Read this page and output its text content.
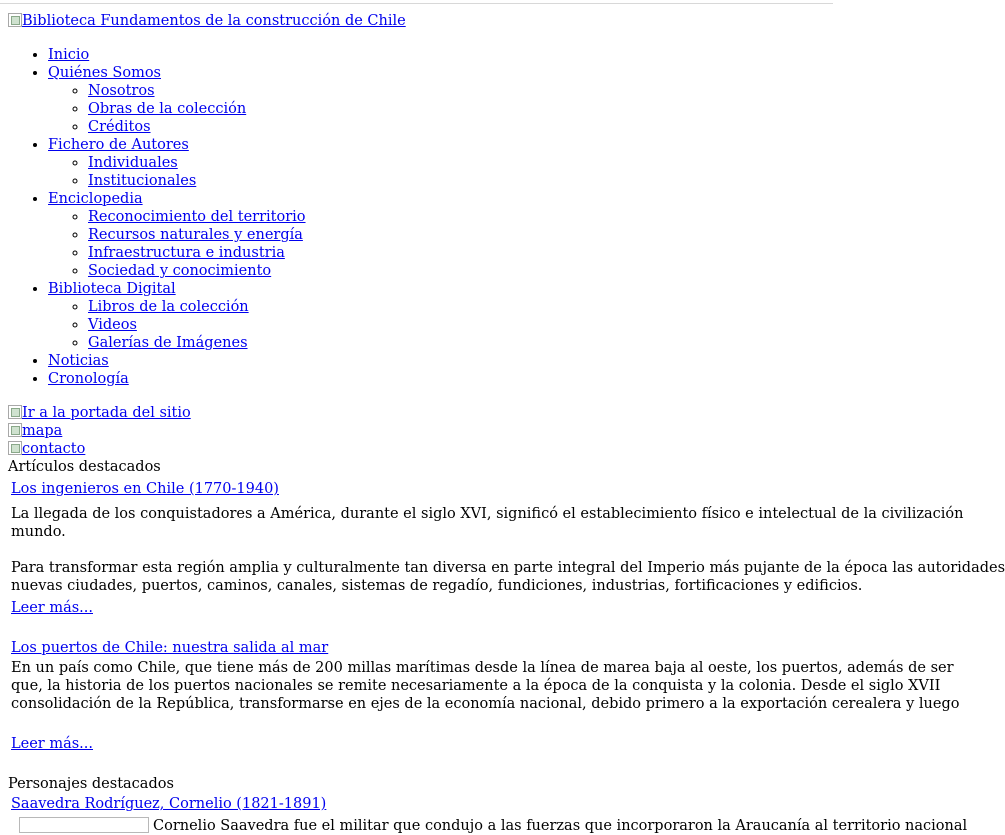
Biblioteca Fundamentos de la construcción de Chile
• Inicio
• Quiénes Somos
◦ Nosotros
◦ Obras de la colección
◦ Créditos
• Fichero de Autores
◦ Individuales
◦ Institucionales
• Enciclopedia
◦ Reconocimiento del territorio
◦ Recursos naturales y energía
◦ Infraestructura e industria
◦ Sociedad y conocimiento
• Biblioteca Digital
◦ Libros de la colección
◦ Videos
◦ Galerías de Imágenes
• Noticias
• Cronología
Ir a la portada del sitio
mapa
contacto
Artículos destacados
Los ingenieros en Chile (1770-1940)

La llegada de los conquistadores a América, durante el siglo XVI, significó el establecimiento físico e intelectual de la civilización

mundo.

Para transformar esta región amplia y culturalmente tan diversa en parte integral del Imperio más pujante de la época las autoridades

nuevas ciudades, puertos, caminos, canales, sistemas de regadío, fundiciones, industrias, fortificaciones y edificios.

Leer más...
Los puertos de Chile: nuestra salida al mar

En un país como Chile, que tiene más de 200 millas marítimas desde la línea de marea baja al oeste, los puertos, además de ser

que, la historia de los puertos nacionales se remite necesariamente a la época de la conquista y la colonia. Desde el siglo XVII

consolidación de la República, transformarse en ejes de la economía nacional, debido primero a la exportación cerealera y luego

Leer más...
Personajes destacados
Saavedra Rodríguez, Cornelio (1821-1891)
Cornelio Saavedra fue el militar que condujo a las fuerzas que incorporaron la Araucanía al territorio nacional
